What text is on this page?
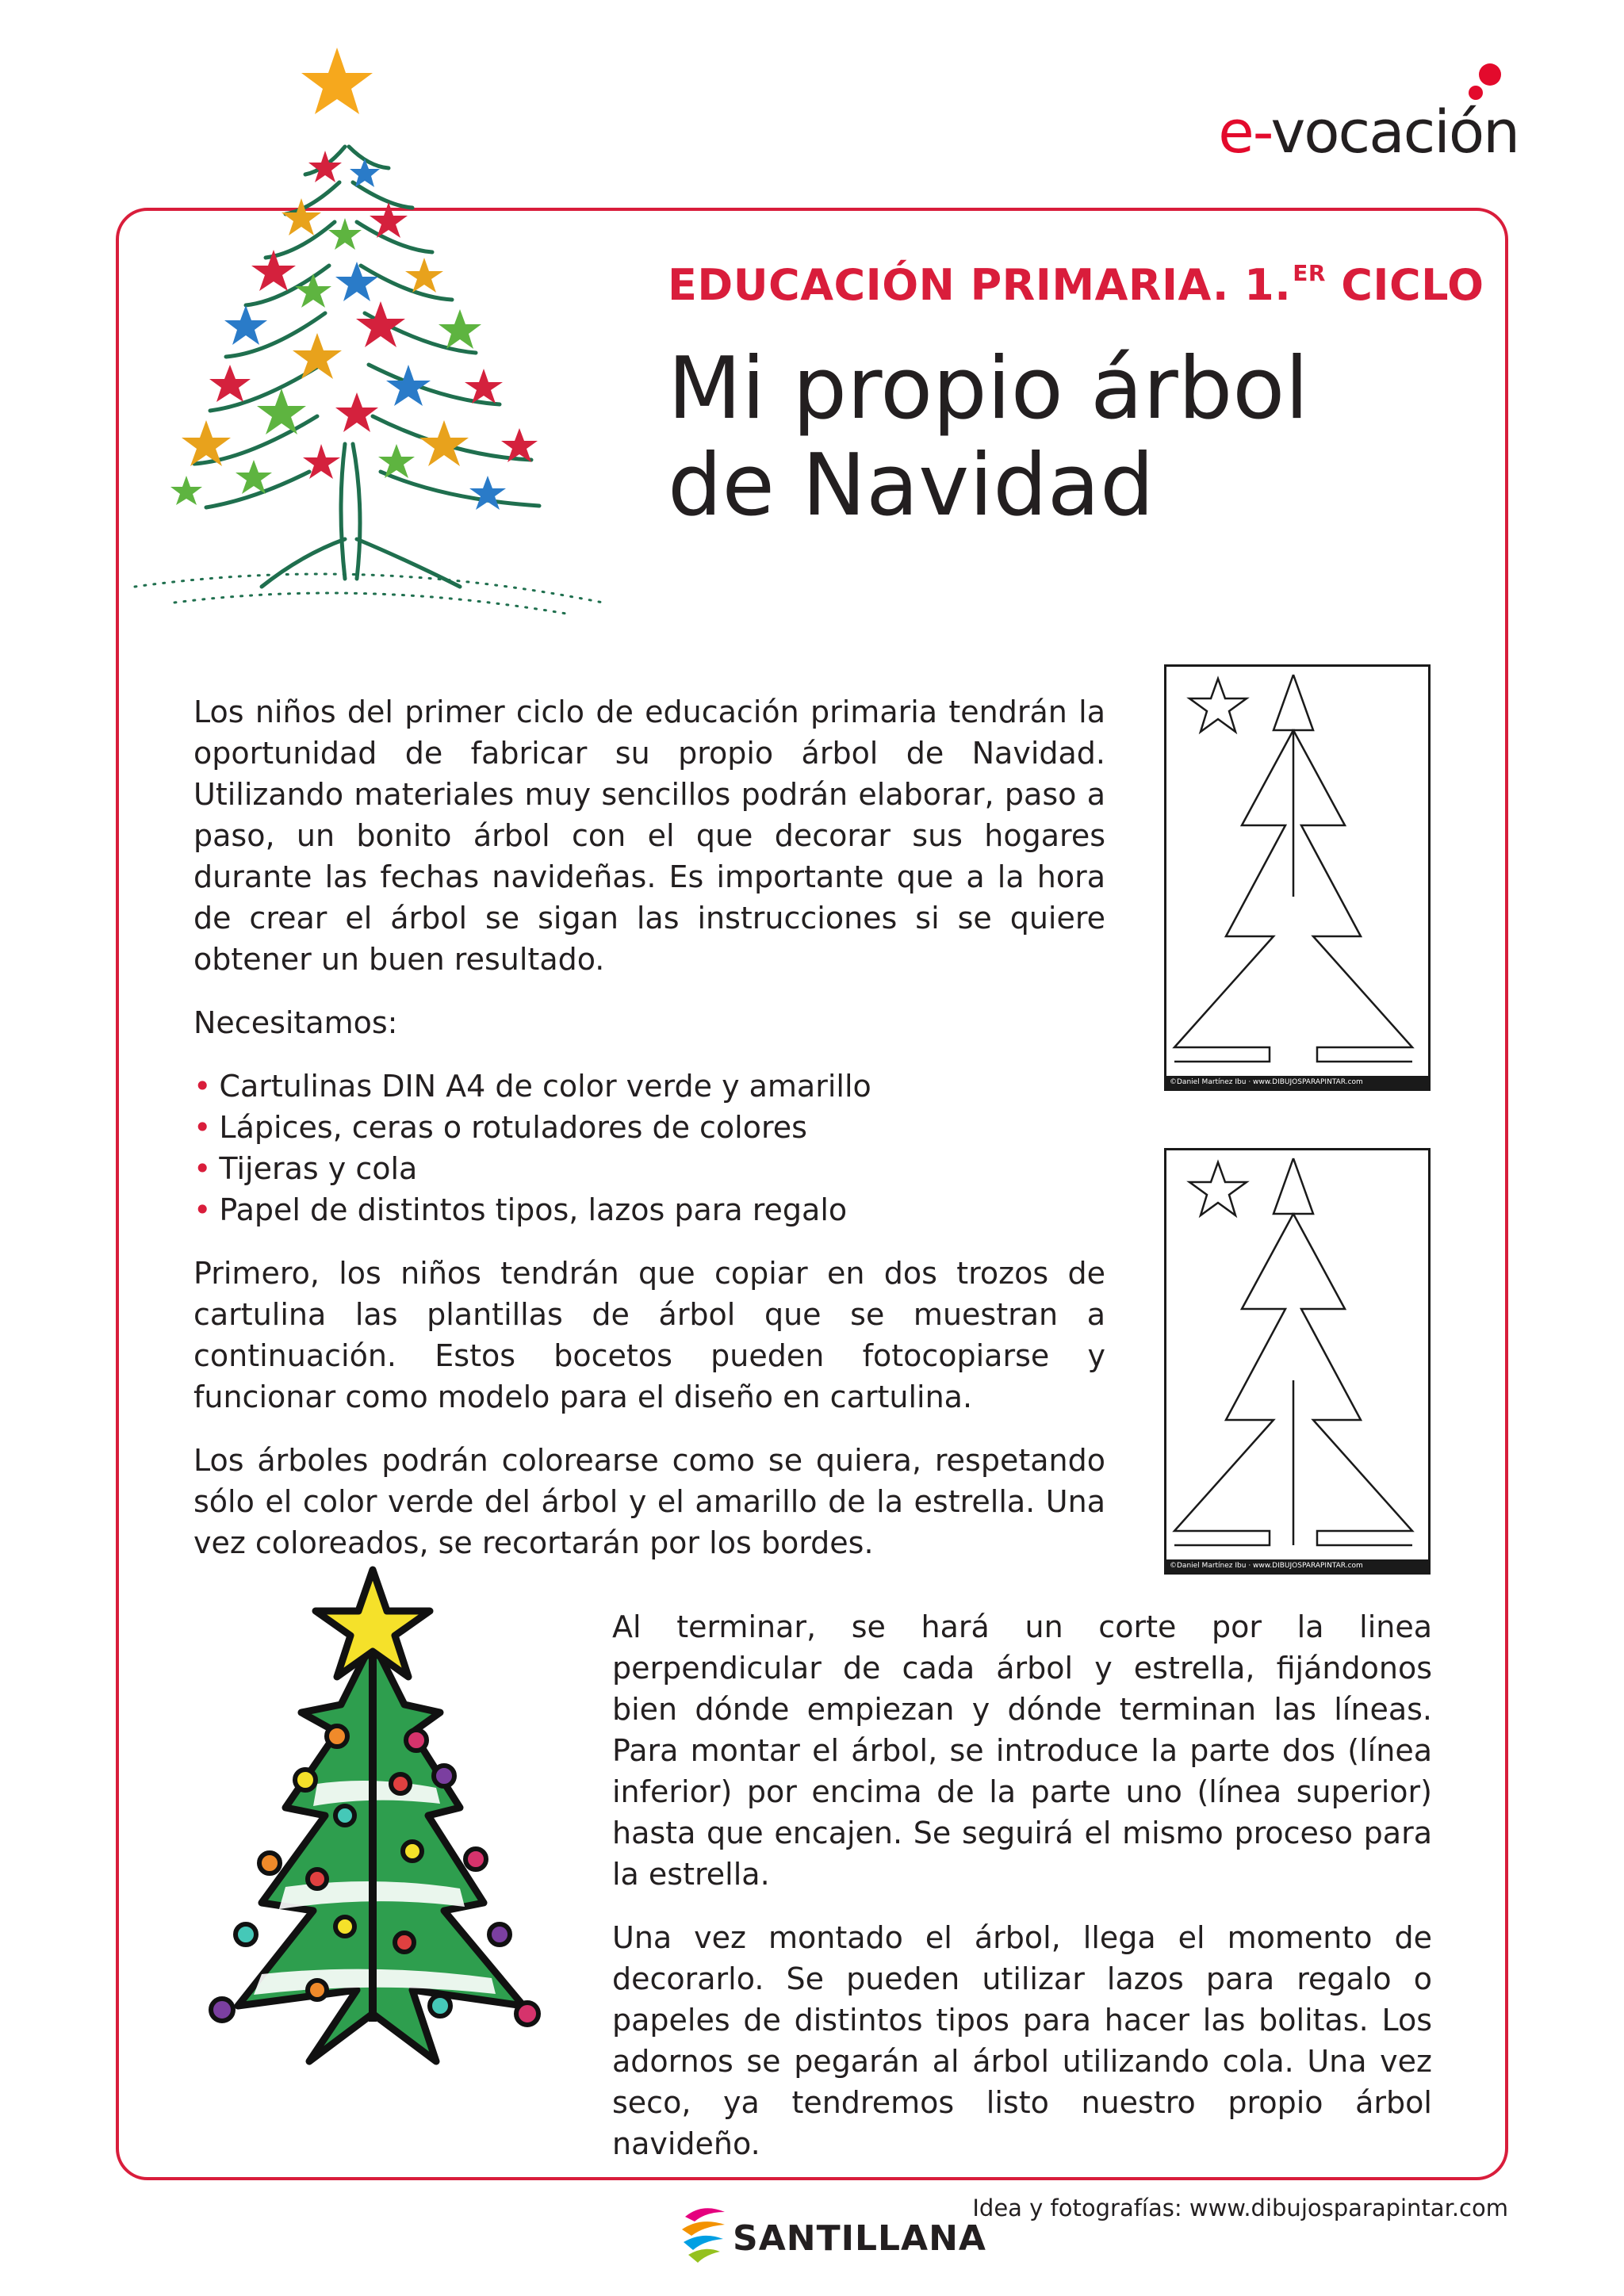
e-vocación
EDUCACIÓN PRIMARIA. 1.$^{ER}$ CICLO
Mi propio árbol
de Navidad

Los niños del primer ciclo de educación primaria tendrán la oportunidad de fabricar su propio árbol de Navidad. Utilizando materiales muy sencillos podrán elaborar, paso a paso, un bonito árbol con el que decorar sus hogares durante las fechas navideñas. Es importante que a la hora de crear el árbol se sigan las instrucciones si se quiere obtener un buen resultado.

Necesitamos:

• Cartulinas DIN A4 de color verde y amarillo
• Lápices, ceras o rotuladores de colores
• Tijeras y cola
• Papel de distintos tipos, lazos para regalo

Primero, los niños tendrán que copiar en dos trozos de cartulina las plantillas de árbol que se muestran a continuación. Estos bocetos pueden fotocopiarse y funcionar como modelo para el diseño en cartulina.

Los árboles podrán colorearse como se quiera, respetando sólo el color verde del árbol y el amarillo de la estrella. Una vez coloreados, se recortarán por los bordes.

©Daniel Martínez Ibu · www.DIBUJOSPARAPINTAR.com
©Daniel Martínez Ibu · www.DIBUJOSPARAPINTAR.com

Al terminar, se hará un corte por la linea perpendicular de cada árbol y estrella, fijándonos bien dónde empiezan y dónde terminan las líneas. Para montar el árbol, se introduce la parte dos (línea inferior) por encima de la parte uno (línea superior) hasta que encajen. Se seguirá el mismo proceso para la estrella.

Una vez montado el árbol, llega el momento de decorarlo. Se pueden utilizar lazos para regalo o papeles de distintos tipos para hacer las bolitas. Los adornos se pegarán al árbol utilizando cola. Una vez seco, ya tendremos listo nuestro propio árbol navideño.

Idea y fotografías: www.dibujosparapintar.com
SANTILLANA
